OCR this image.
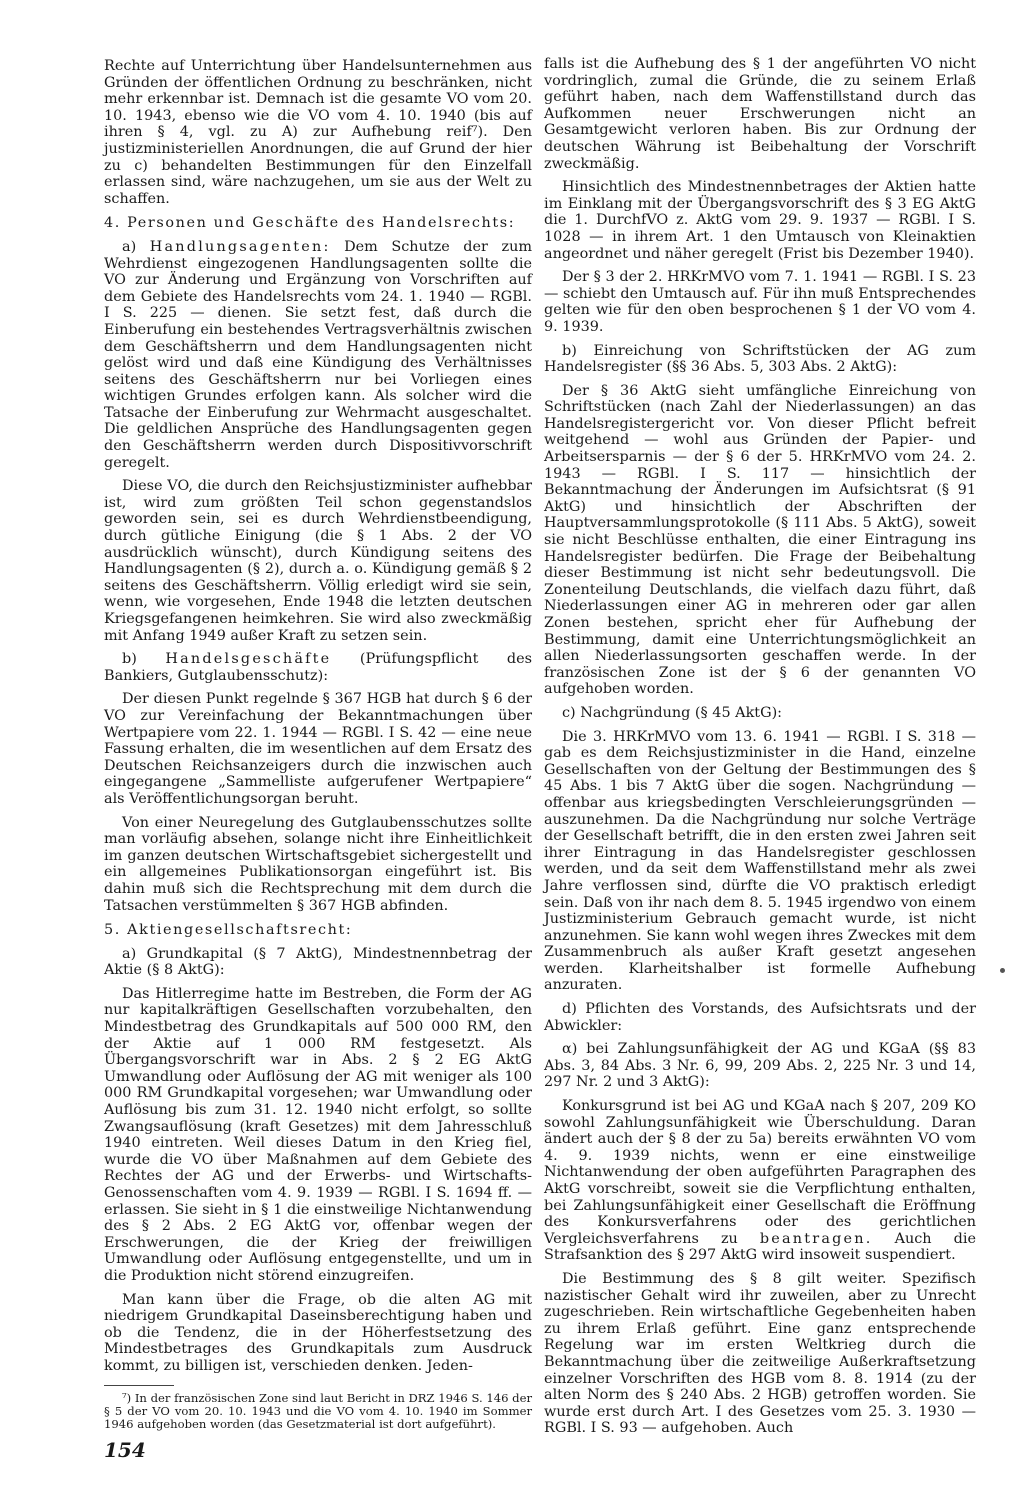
Rechte auf Unterrichtung über Handelsunternehmen aus Gründen der öffentlichen Ordnung zu beschränken, nicht mehr erkennbar ist. Demnach ist die gesamte VO vom 20. 10. 1943, ebenso wie die VO vom 4. 10. 1940 (bis auf ihren § 4, vgl. zu A) zur Aufhebung reif⁷). Den justizministeriellen Anordnungen, die auf Grund der hier zu c) behandelten Bestimmungen für den Einzelfall erlassen sind, wäre nachzugehen, um sie aus der Welt zu schaffen.

4. Personen und Geschäfte des Handelsrechts:

a) Handlungsagenten: Dem Schutze der zum Wehrdienst eingezogenen Handlungsagenten sollte die VO zur Änderung und Ergänzung von Vorschriften auf dem Gebiete des Handelsrechts vom 24. 1. 1940 — RGBl. I S. 225 — dienen. Sie setzt fest, daß durch die Einberufung ein bestehendes Vertragsverhältnis zwischen dem Geschäftsherrn und dem Handlungsagenten nicht gelöst wird und daß eine Kündigung des Verhältnisses seitens des Geschäftsherrn nur bei Vorliegen eines wichtigen Grundes erfolgen kann. Als solcher wird die Tatsache der Einberufung zur Wehrmacht ausgeschaltet. Die geldlichen Ansprüche des Handlungsagenten gegen den Geschäftsherrn werden durch Dispositivvorschrift geregelt.

Diese VO, die durch den Reichsjustizminister aufhebbar ist, wird zum größten Teil schon gegenstandslos geworden sein, sei es durch Wehrdienstbeendigung, durch gütliche Einigung (die § 1 Abs. 2 der VO ausdrücklich wünscht), durch Kündigung seitens des Handlungsagenten (§ 2), durch a. o. Kündigung gemäß § 2 seitens des Geschäftsherrn. Völlig erledigt wird sie sein, wenn, wie vorgesehen, Ende 1948 die letzten deutschen Kriegsgefangenen heimkehren. Sie wird also zweckmäßig mit Anfang 1949 außer Kraft zu setzen sein.

b) Handelsgeschäfte (Prüfungspflicht des Bankiers, Gutglaubensschutz):

Der diesen Punkt regelnde § 367 HGB hat durch § 6 der VO zur Vereinfachung der Bekanntmachungen über Wertpapiere vom 22. 1. 1944 — RGBl. I S. 42 — eine neue Fassung erhalten, die im wesentlichen auf dem Ersatz des Deutschen Reichsanzeigers durch die inzwischen auch eingegangene „Sammelliste aufgerufener Wertpapiere“ als Veröffentlichungsorgan beruht.

Von einer Neuregelung des Gutglaubensschutzes sollte man vorläufig absehen, solange nicht ihre Einheitlichkeit im ganzen deutschen Wirtschaftsgebiet sichergestellt und ein allgemeines Publikationsorgan eingeführt ist. Bis dahin muß sich die Rechtsprechung mit dem durch die Tatsachen verstümmelten § 367 HGB abfinden.

5. Aktiengesellschaftsrecht:

a) Grundkapital (§ 7 AktG), Mindestnennbetrag der Aktie (§ 8 AktG):

Das Hitlerregime hatte im Bestreben, die Form der AG nur kapitalkräftigen Gesellschaften vorzubehalten, den Mindestbetrag des Grundkapitals auf 500 000 RM, den der Aktie auf 1 000 RM festgesetzt. Als Übergangsvorschrift war in Abs. 2 § 2 EG AktG Umwandlung oder Auflösung der AG mit weniger als 100 000 RM Grundkapital vorgesehen; war Umwandlung oder Auflösung bis zum 31. 12. 1940 nicht erfolgt, so sollte Zwangsauflösung (kraft Gesetzes) mit dem Jahresschluß 1940 eintreten. Weil dieses Datum in den Krieg fiel, wurde die VO über Maßnahmen auf dem Gebiete des Rechtes der AG und der Erwerbs- und Wirtschafts-Genossenschaften vom 4. 9. 1939 — RGBl. I S. 1694 ff. — erlassen. Sie sieht in § 1 die einstweilige Nichtanwendung des § 2 Abs. 2 EG AktG vor, offenbar wegen der Erschwerungen, die der Krieg der freiwilligen Umwandlung oder Auflösung entgegenstellte, und um in die Produktion nicht störend einzugreifen.

Man kann über die Frage, ob die alten AG mit niedrigem Grundkapital Daseinsberechtigung haben und ob die Tendenz, die in der Höherfestsetzung des Mindestbetrages des Grundkapitals zum Ausdruck kommt, zu billigen ist, verschieden denken. Jeden-

⁷) In der französischen Zone sind laut Bericht in DRZ 1946 S. 146 der § 5 der VO vom 20. 10. 1943 und die VO vom 4. 10. 1940 im Sommer 1946 aufgehoben worden (das Gesetzmaterial ist dort aufgeführt).

falls ist die Aufhebung des § 1 der angeführten VO nicht vordringlich, zumal die Gründe, die zu seinem Erlaß geführt haben, nach dem Waffenstillstand durch das Aufkommen neuer Erschwerungen nicht an Gesamtgewicht verloren haben. Bis zur Ordnung der deutschen Währung ist Beibehaltung der Vorschrift zweckmäßig.

Hinsichtlich des Mindestnennbetrages der Aktien hatte im Einklang mit der Übergangsvorschrift des § 3 EG AktG die 1. DurchfVO z. AktG vom 29. 9. 1937 — RGBl. I S. 1028 — in ihrem Art. 1 den Umtausch von Kleinaktien angeordnet und näher geregelt (Frist bis Dezember 1940).

Der § 3 der 2. HRKrMVO vom 7. 1. 1941 — RGBl. I S. 23 — schiebt den Umtausch auf. Für ihn muß Entsprechendes gelten wie für den oben besprochenen § 1 der VO vom 4. 9. 1939.

b) Einreichung von Schriftstücken der AG zum Handelsregister (§§ 36 Abs. 5, 303 Abs. 2 AktG):

Der § 36 AktG sieht umfängliche Einreichung von Schriftstücken (nach Zahl der Niederlassungen) an das Handelsregistergericht vor. Von dieser Pflicht befreit weitgehend — wohl aus Gründen der Papier- und Arbeitsersparnis — der § 6 der 5. HRKrMVO vom 24. 2. 1943 — RGBl. I S. 117 — hinsichtlich der Bekanntmachung der Änderungen im Aufsichtsrat (§ 91 AktG) und hinsichtlich der Abschriften der Hauptversammlungsprotokolle (§ 111 Abs. 5 AktG), soweit sie nicht Beschlüsse enthalten, die einer Eintragung ins Handelsregister bedürfen. Die Frage der Beibehaltung dieser Bestimmung ist nicht sehr bedeutungsvoll. Die Zonenteilung Deutschlands, die vielfach dazu führt, daß Niederlassungen einer AG in mehreren oder gar allen Zonen bestehen, spricht eher für Aufhebung der Bestimmung, damit eine Unterrichtungsmöglichkeit an allen Niederlassungsorten geschaffen werde. In der französischen Zone ist der § 6 der genannten VO aufgehoben worden.

c) Nachgründung (§ 45 AktG):

Die 3. HRKrMVO vom 13. 6. 1941 — RGBl. I S. 318 — gab es dem Reichsjustizminister in die Hand, einzelne Gesellschaften von der Geltung der Bestimmungen des § 45 Abs. 1 bis 7 AktG über die sogen. Nachgründung — offenbar aus kriegsbedingten Verschleierungsgründen — auszunehmen. Da die Nachgründung nur solche Verträge der Gesellschaft betrifft, die in den ersten zwei Jahren seit ihrer Eintragung in das Handelsregister geschlossen werden, und da seit dem Waffenstillstand mehr als zwei Jahre verflossen sind, dürfte die VO praktisch erledigt sein. Daß von ihr nach dem 8. 5. 1945 irgendwo von einem Justizministerium Gebrauch gemacht wurde, ist nicht anzunehmen. Sie kann wohl wegen ihres Zweckes mit dem Zusammenbruch als außer Kraft gesetzt angesehen werden. Klarheitshalber ist formelle Aufhebung anzuraten.

d) Pflichten des Vorstands, des Aufsichtsrats und der Abwickler:

α) bei Zahlungsunfähigkeit der AG und KGaA (§§ 83 Abs. 3, 84 Abs. 3 Nr. 6, 99, 209 Abs. 2, 225 Nr. 3 und 14, 297 Nr. 2 und 3 AktG):

Konkursgrund ist bei AG und KGaA nach § 207, 209 KO sowohl Zahlungsunfähigkeit wie Überschuldung. Daran ändert auch der § 8 der zu 5a) bereits erwähnten VO vom 4. 9. 1939 nichts, wenn er eine einstweilige Nichtanwendung der oben aufgeführten Paragraphen des AktG vorschreibt, soweit sie die Verpflichtung enthalten, bei Zahlungsunfähigkeit einer Gesellschaft die Eröffnung des Konkursverfahrens oder des gerichtlichen Vergleichsverfahrens zu beantragen. Auch die Strafsanktion des § 297 AktG wird insoweit suspendiert.

Die Bestimmung des § 8 gilt weiter. Spezifisch nazistischer Gehalt wird ihr zuweilen, aber zu Unrecht zugeschrieben. Rein wirtschaftliche Gegebenheiten haben zu ihrem Erlaß geführt. Eine ganz entsprechende Regelung war im ersten Weltkrieg durch die Bekanntmachung über die zeitweilige Außerkraftsetzung einzelner Vorschriften des HGB vom 8. 8. 1914 (zu der alten Norm des § 240 Abs. 2 HGB) getroffen worden. Sie wurde erst durch Art. I des Gesetzes vom 25. 3. 1930 — RGBl. I S. 93 — aufgehoben. Auch

154
